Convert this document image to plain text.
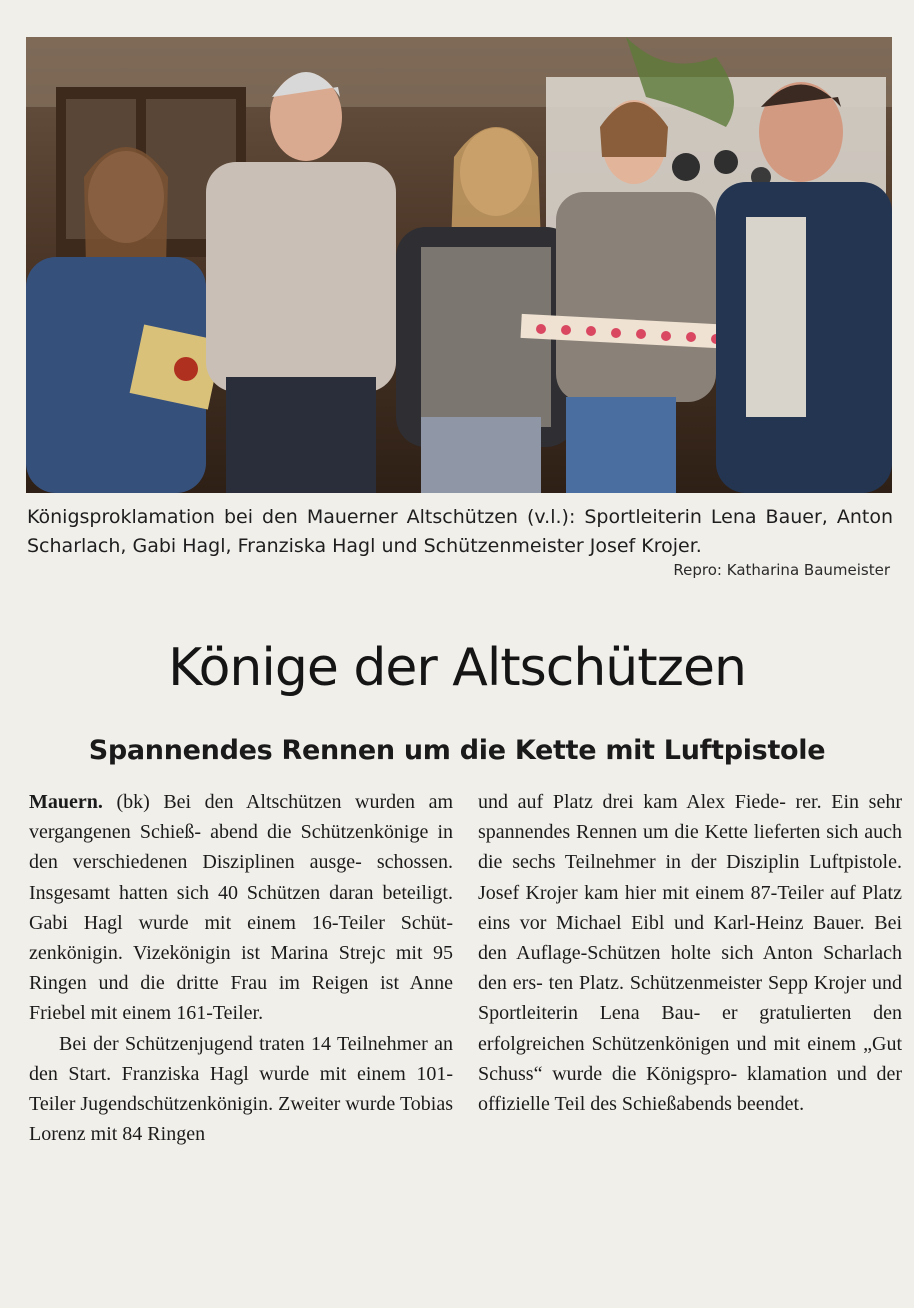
Königsproklamation bei den Mauerner Altschützen (v.l.): Sportleiterin Lena Bauer, Anton Scharlach, Gabi Hagl, Franziska Hagl und Schützenmeister Josef Krojer.
Repro: Katharina Baumeister
Könige der Altschützen
Spannendes Rennen um die Kette mit Luftpistole

Mauern. (bk) Bei den Altschützen wurden am vergangenen Schieß- abend die Schützenkönige in den verschiedenen Disziplinen ausge- schossen. Insgesamt hatten sich 40 Schützen daran beteiligt. Gabi Hagl wurde mit einem 16-Teiler Schüt- zenkönigin. Vizekönigin ist Marina Strejc mit 95 Ringen und die dritte Frau im Reigen ist Anne Friebel mit einem 161-Teiler.

Bei der Schützenjugend traten 14 Teilnehmer an den Start. Franziska Hagl wurde mit einem 101-Teiler Jugendschützenkönigin. Zweiter wurde Tobias Lorenz mit 84 Ringen

und auf Platz drei kam Alex Fiede- rer. Ein sehr spannendes Rennen um die Kette lieferten sich auch die sechs Teilnehmer in der Disziplin Luftpistole. Josef Krojer kam hier mit einem 87-Teiler auf Platz eins vor Michael Eibl und Karl-Heinz Bauer. Bei den Auflage-Schützen holte sich Anton Scharlach den ers- ten Platz. Schützenmeister Sepp Krojer und Sportleiterin Lena Bau- er gratulierten den erfolgreichen Schützenkönigen und mit einem „Gut Schuss“ wurde die Königspro- klamation und der offizielle Teil des Schießabends beendet.
